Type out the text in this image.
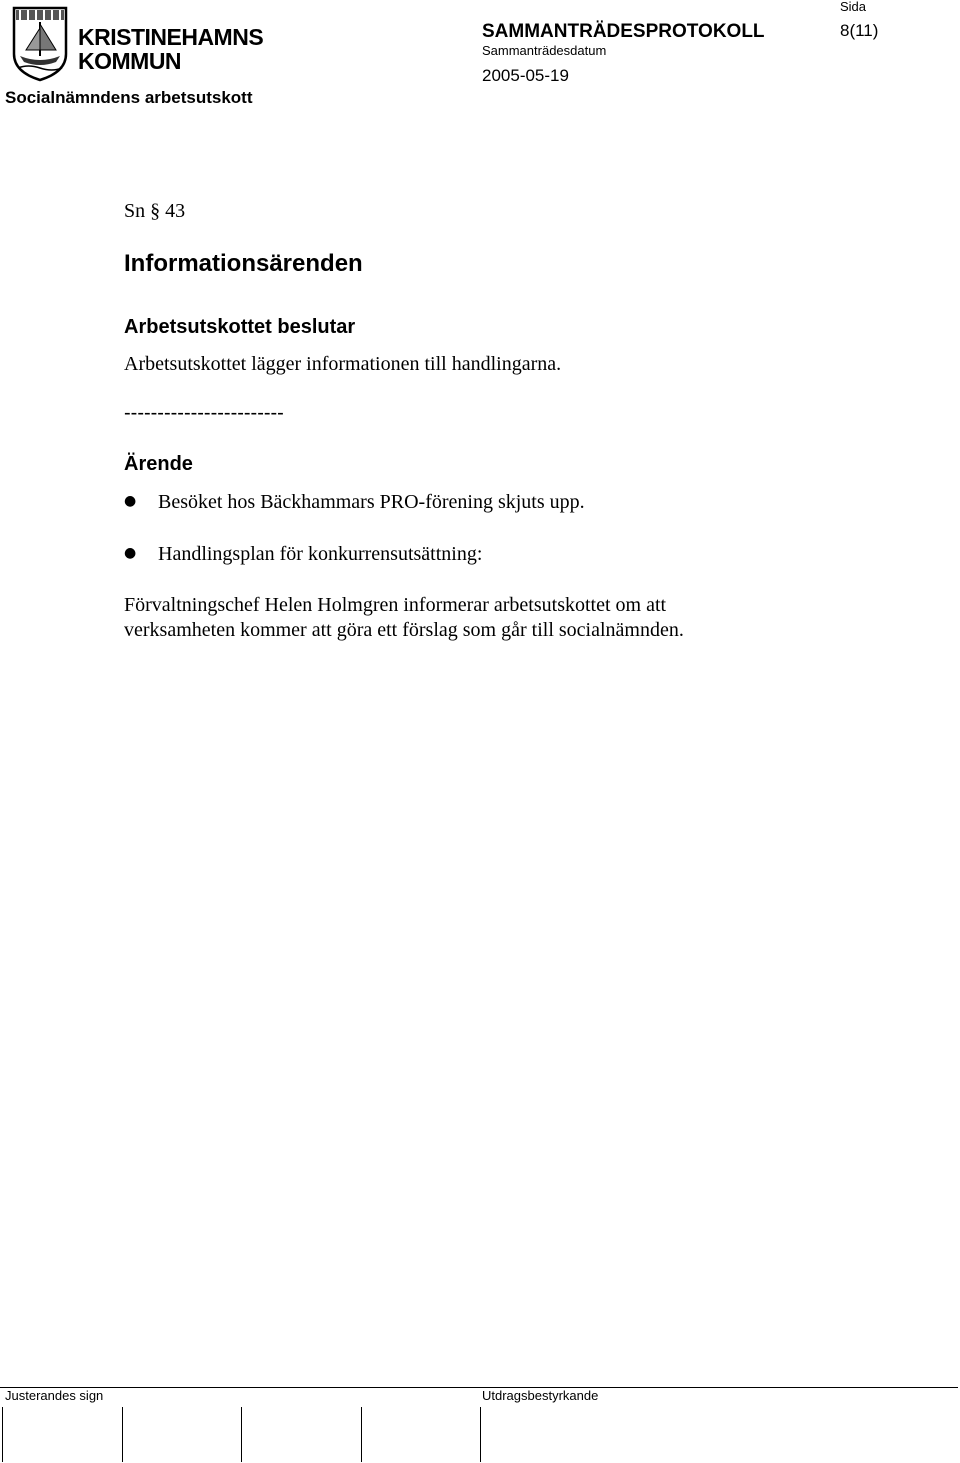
KRISTINEHAMNS
KOMMUN
Socialnämndens arbetsutskott
SAMMANTRÄDESPROTOKOLL
Sammanträdesdatum
2005-05-19
Sida
8(11)
Sn § 43
Informationsärenden
Arbetsutskottet beslutar
Arbetsutskottet lägger informationen till handlingarna.
------------------------
Ärende
● Besöket hos Bäckhammars PRO-förening skjuts upp.
● Handlingsplan för konkurrensutsättning:
Förvaltningschef Helen Holmgren informerar arbetsutskottet om att
verksamheten kommer att göra ett förslag som går till socialnämnden.
Justerandes sign	Utdragsbestyrkande
